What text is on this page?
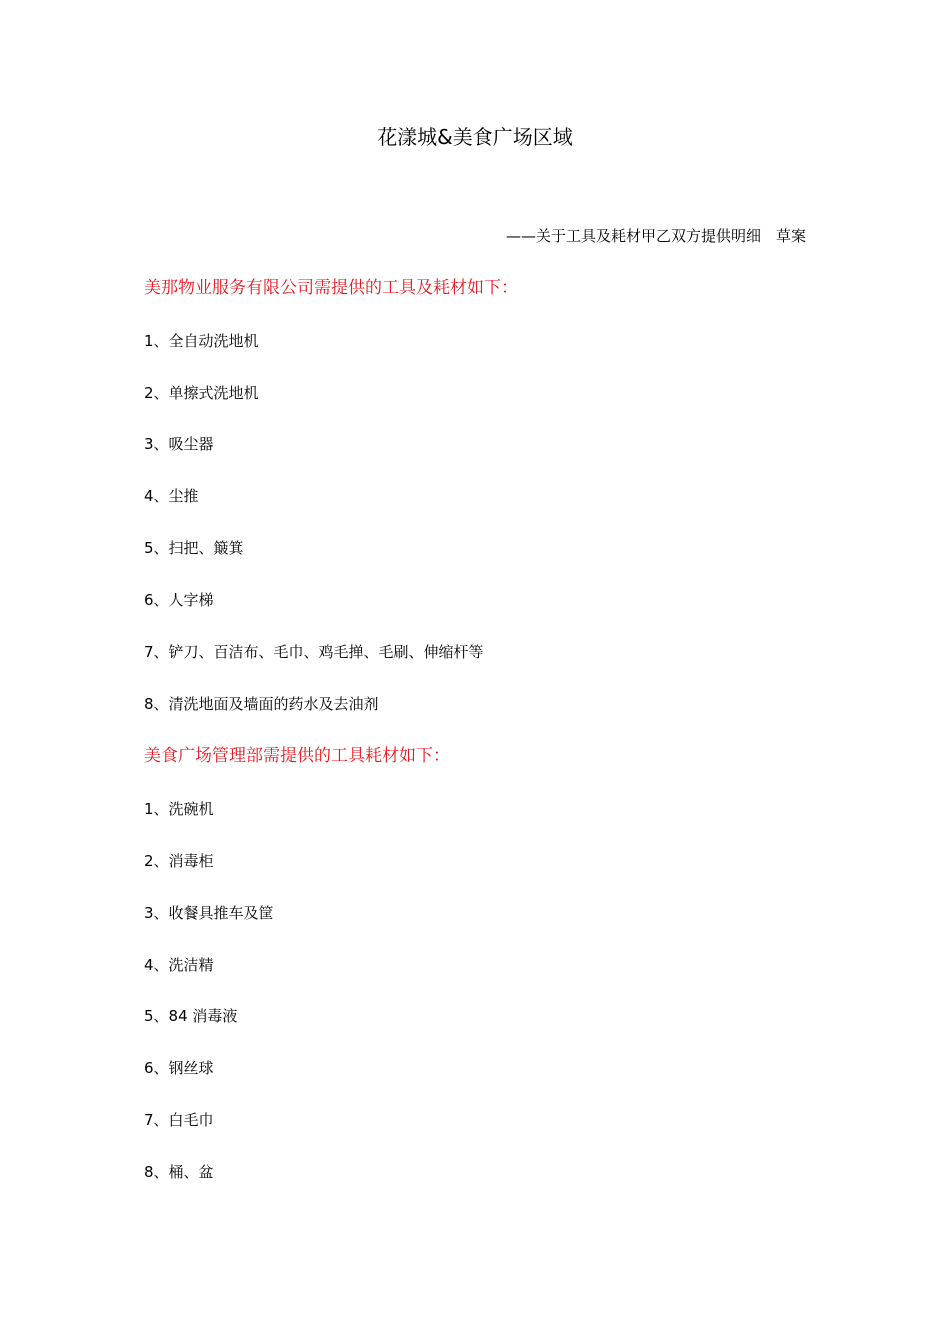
花漾城&美食广场区域
——关于工具及耗材甲乙双方提供明细　草案
美那物业服务有限公司需提供的工具及耗材如下：
1、全自动洗地机
2、单擦式洗地机
3、吸尘器
4、尘推
5、扫把、簸箕
6、人字梯
7、铲刀、百洁布、毛巾、鸡毛掸、毛刷、伸缩杆等
8、清洗地面及墙面的药水及去油剂
美食广场管理部需提供的工具耗材如下：
1、洗碗机
2、消毒柜
3、收餐具推车及筐
4、洗洁精
5、84 消毒液
6、钢丝球
7、白毛巾
8、桶、盆
